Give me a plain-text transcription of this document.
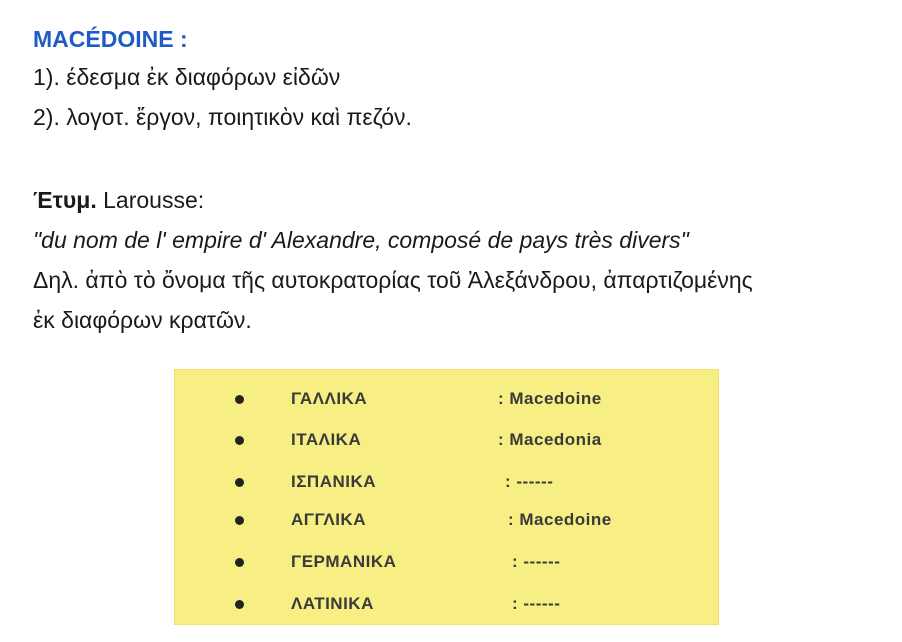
MACÉDOINE :
1). έδεσμα ἐκ διαφόρων εἰδῶν
2). λογοτ. ἔργον, ποιητικὸν καὶ πεζόν.
Έτυμ. Larousse:
"du nom de l' empire d' Alexandre, composé de pays très divers"
Δηλ. ἀπὸ τὸ ὄνομα τῆς αυτοκρατορίας τοῦ Ἀλεξάνδρου, ἀπαρτιζομένης
ἐκ διαφόρων κρατῶν.
ΓΑΛΛΙΚΑ	: Macedoine
ΙΤΑΛΙΚΑ	: Macedonia
ΙΣΠΑΝΙΚΑ	: ------
ΑΓΓΛΙΚΑ	: Macedoine
ΓΕΡΜΑΝΙΚΑ	: ------
ΛΑΤΙΝΙΚΑ	: ------
